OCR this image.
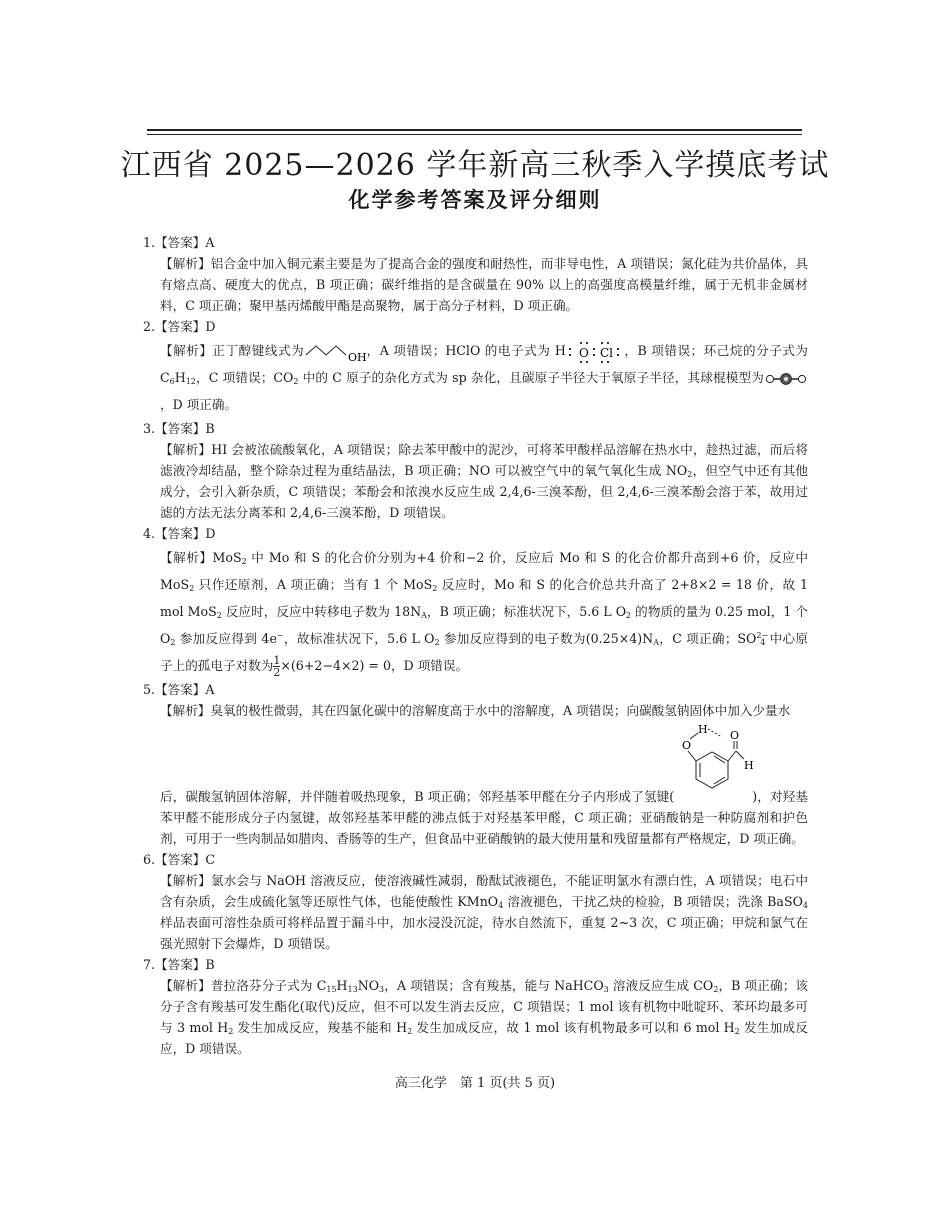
江西省 2025—2026 学年新高三秋季入学摸底考试
化学参考答案及评分细则

1.【答案】A

【解析】铝合金中加入铜元素主要是为了提高合金的强度和耐热性，而非导电性，A 项错误；氮化硅为共价晶体，具有熔点高、硬度大的优点，B 项正确；碳纤维指的是含碳量在 90% 以上的高强度高模量纤维，属于无机非金属材料，C 项正确；聚甲基丙烯酸甲酯是高聚物，属于高分子材料，D 项正确。

2.【答案】D

【解析】正丁醇键线式为	OH ，A 项错误；HClO 的电子式为 H O Cl ，B 项错误；环己烷的分子式为 $C_6H_{12}$，C 项错误；$CO_2$ 中的 C 原子的杂化方式为 sp 杂化，且碳原子半径大于氧原子半径，其球棍模型为，D 项正确。

3.【答案】B

【解析】HI 会被浓硫酸氧化，A 项错误；除去苯甲酸中的泥沙，可将苯甲酸样品溶解在热水中，趁热过滤，而后将滤液冷却结晶，整个除杂过程为重结晶法，B 项正确；NO 可以被空气中的氧气氧化生成 $NO_2$，但空气中还有其他成分，会引入新杂质，C 项错误；苯酚会和浓溴水反应生成 2,4,6-三溴苯酚，但 2,4,6-三溴苯酚会溶于苯，故用过滤的方法无法分离苯和 2,4,6-三溴苯酚，D 项错误。

4.【答案】D

【解析】MoS$_2$ 中 Mo 和 S 的化合价分别为+4 价和−2 价，反应后 Mo 和 S 的化合价都升高到+6 价，反应中 MoS$_2$ 只作还原剂，A 项正确；当有 1 个 MoS$_2$ 反应时，Mo 和 S 的化合价总共升高了 2+8×2 = 18 价，故 1 mol MoS$_2$ 反应时，反应中转移电子数为 $18N_A$，B 项正确；标准状况下，5.6 L $O_2$ 的物质的量为 0.25 mol，1 个 $O_2$ 参加反应得到 4e−，故标准状况下，5.6 L $O_2$ 参加反应得到的电子数为$(0.25\times 4)N_A$，C 项正确；$SO^{2-}_4$ 中心原子上的孤电子对数为 $\frac{1}{2} \times(6+2-4\times 2) = 0$，D 项错误。

5.【答案】A

【解析】臭氧的极性微弱，其在四氯化碳中的溶解度高于水中的溶解度，A 项错误；向碳酸氢钠固体中加入少量水
后，碳酸氢钠固体溶解，并伴随着吸热现象，B 项正确；邻羟基苯甲醛在分子内形成了氢键(
O
H O
H
)，对羟基苯甲醛不能形成分子内氢键，故邻羟基苯甲醛的沸点低于对羟基苯甲醛，C 项正确；亚硝酸钠是一种防腐剂和护色剂，可用于一些肉制品如腊肉、香肠等的生产，但食品中亚硝酸钠的最大使用量和残留量都有严格规定，D 项正确。

6.【答案】C

【解析】氯水会与 NaOH 溶液反应，使溶液碱性减弱，酚酞试液褪色，不能证明氯水有漂白性，A 项错误；电石中含有杂质，会生成硫化氢等还原性气体，也能使酸性 KMnO$_4$ 溶液褪色，干扰乙炔的检验，B 项错误；洗涤 BaSO$_4$ 样品表面可溶性杂质可将样品置于漏斗中，加水浸没沉淀，待水自然流下，重复 2~3 次，C 项正确；甲烷和氯气在强光照射下会爆炸，D 项错误。

7.【答案】B

【解析】普拉洛芬分子式为 $C_{15}H_{13}NO_3$，A 项错误；含有羧基，能与 NaHCO$_3$ 溶液反应生成 $CO_2$，B 项正确；该分子含有羧基可发生酯化(取代)反应，但不可以发生消去反应，C 项错误；1 mol 该有机物中吡啶环、苯环均最多可与 3 mol $H_2$ 发生加成反应，羧基不能和 $H_2$ 发生加成反应，故 1 mol 该有机物最多可以和 6 mol $H_2$ 发生加成反应，D 项错误。

高三化学　第 1 页(共 5 页)
